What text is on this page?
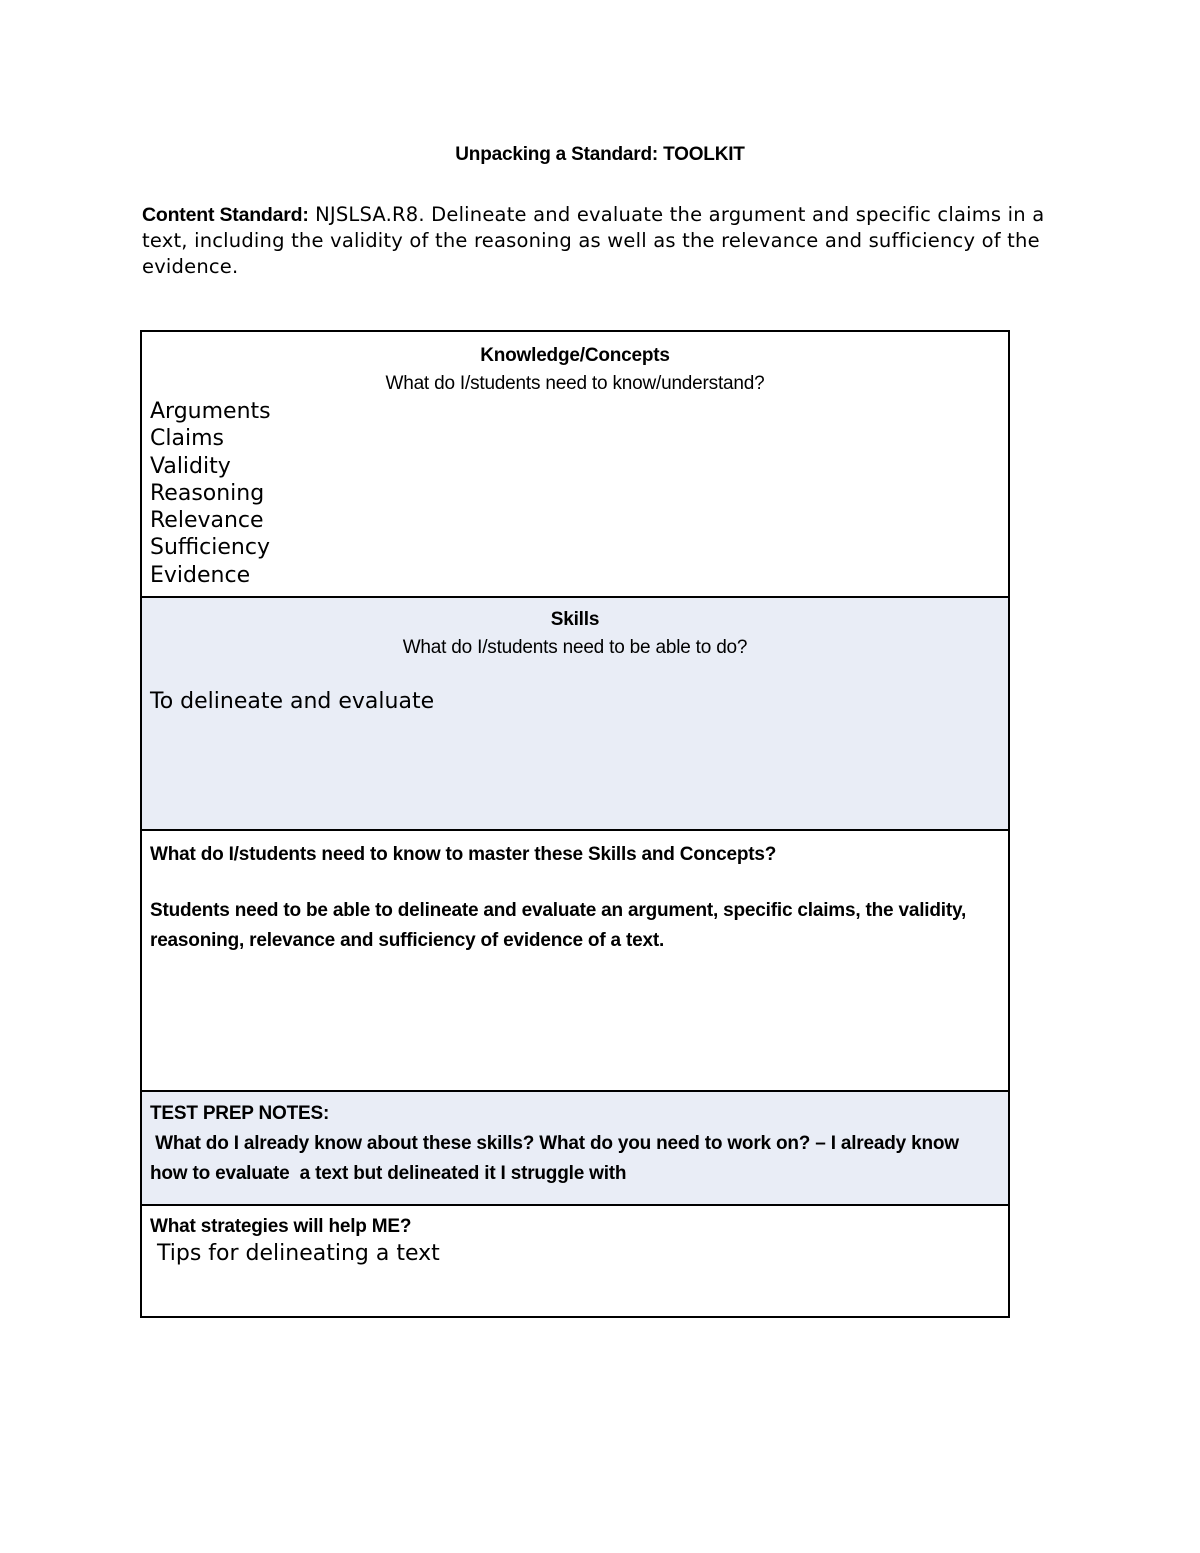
Unpacking a Standard: TOOLKIT
Content Standard: NJSLSA.R8. Delineate and evaluate the argument and specific claims in a text, including the validity of the reasoning as well as the relevance and sufficiency of the evidence.
Knowledge/Concepts
What do I/students need to know/understand?
Arguments
Claims
Validity
Reasoning
Relevance
Sufficiency
Evidence
Skills
What do I/students need to be able to do?
To delineate and evaluate
What do I/students need to know to master these Skills and Concepts?
Students need to be able to delineate and evaluate an argument, specific claims, the validity, reasoning, relevance and sufficiency of evidence of a text.
TEST PREP NOTES:
What do I already know about these skills? What do you need to work on? – I already know how to evaluate  a text but delineated it I struggle with
What strategies will help ME?
Tips for delineating a text
